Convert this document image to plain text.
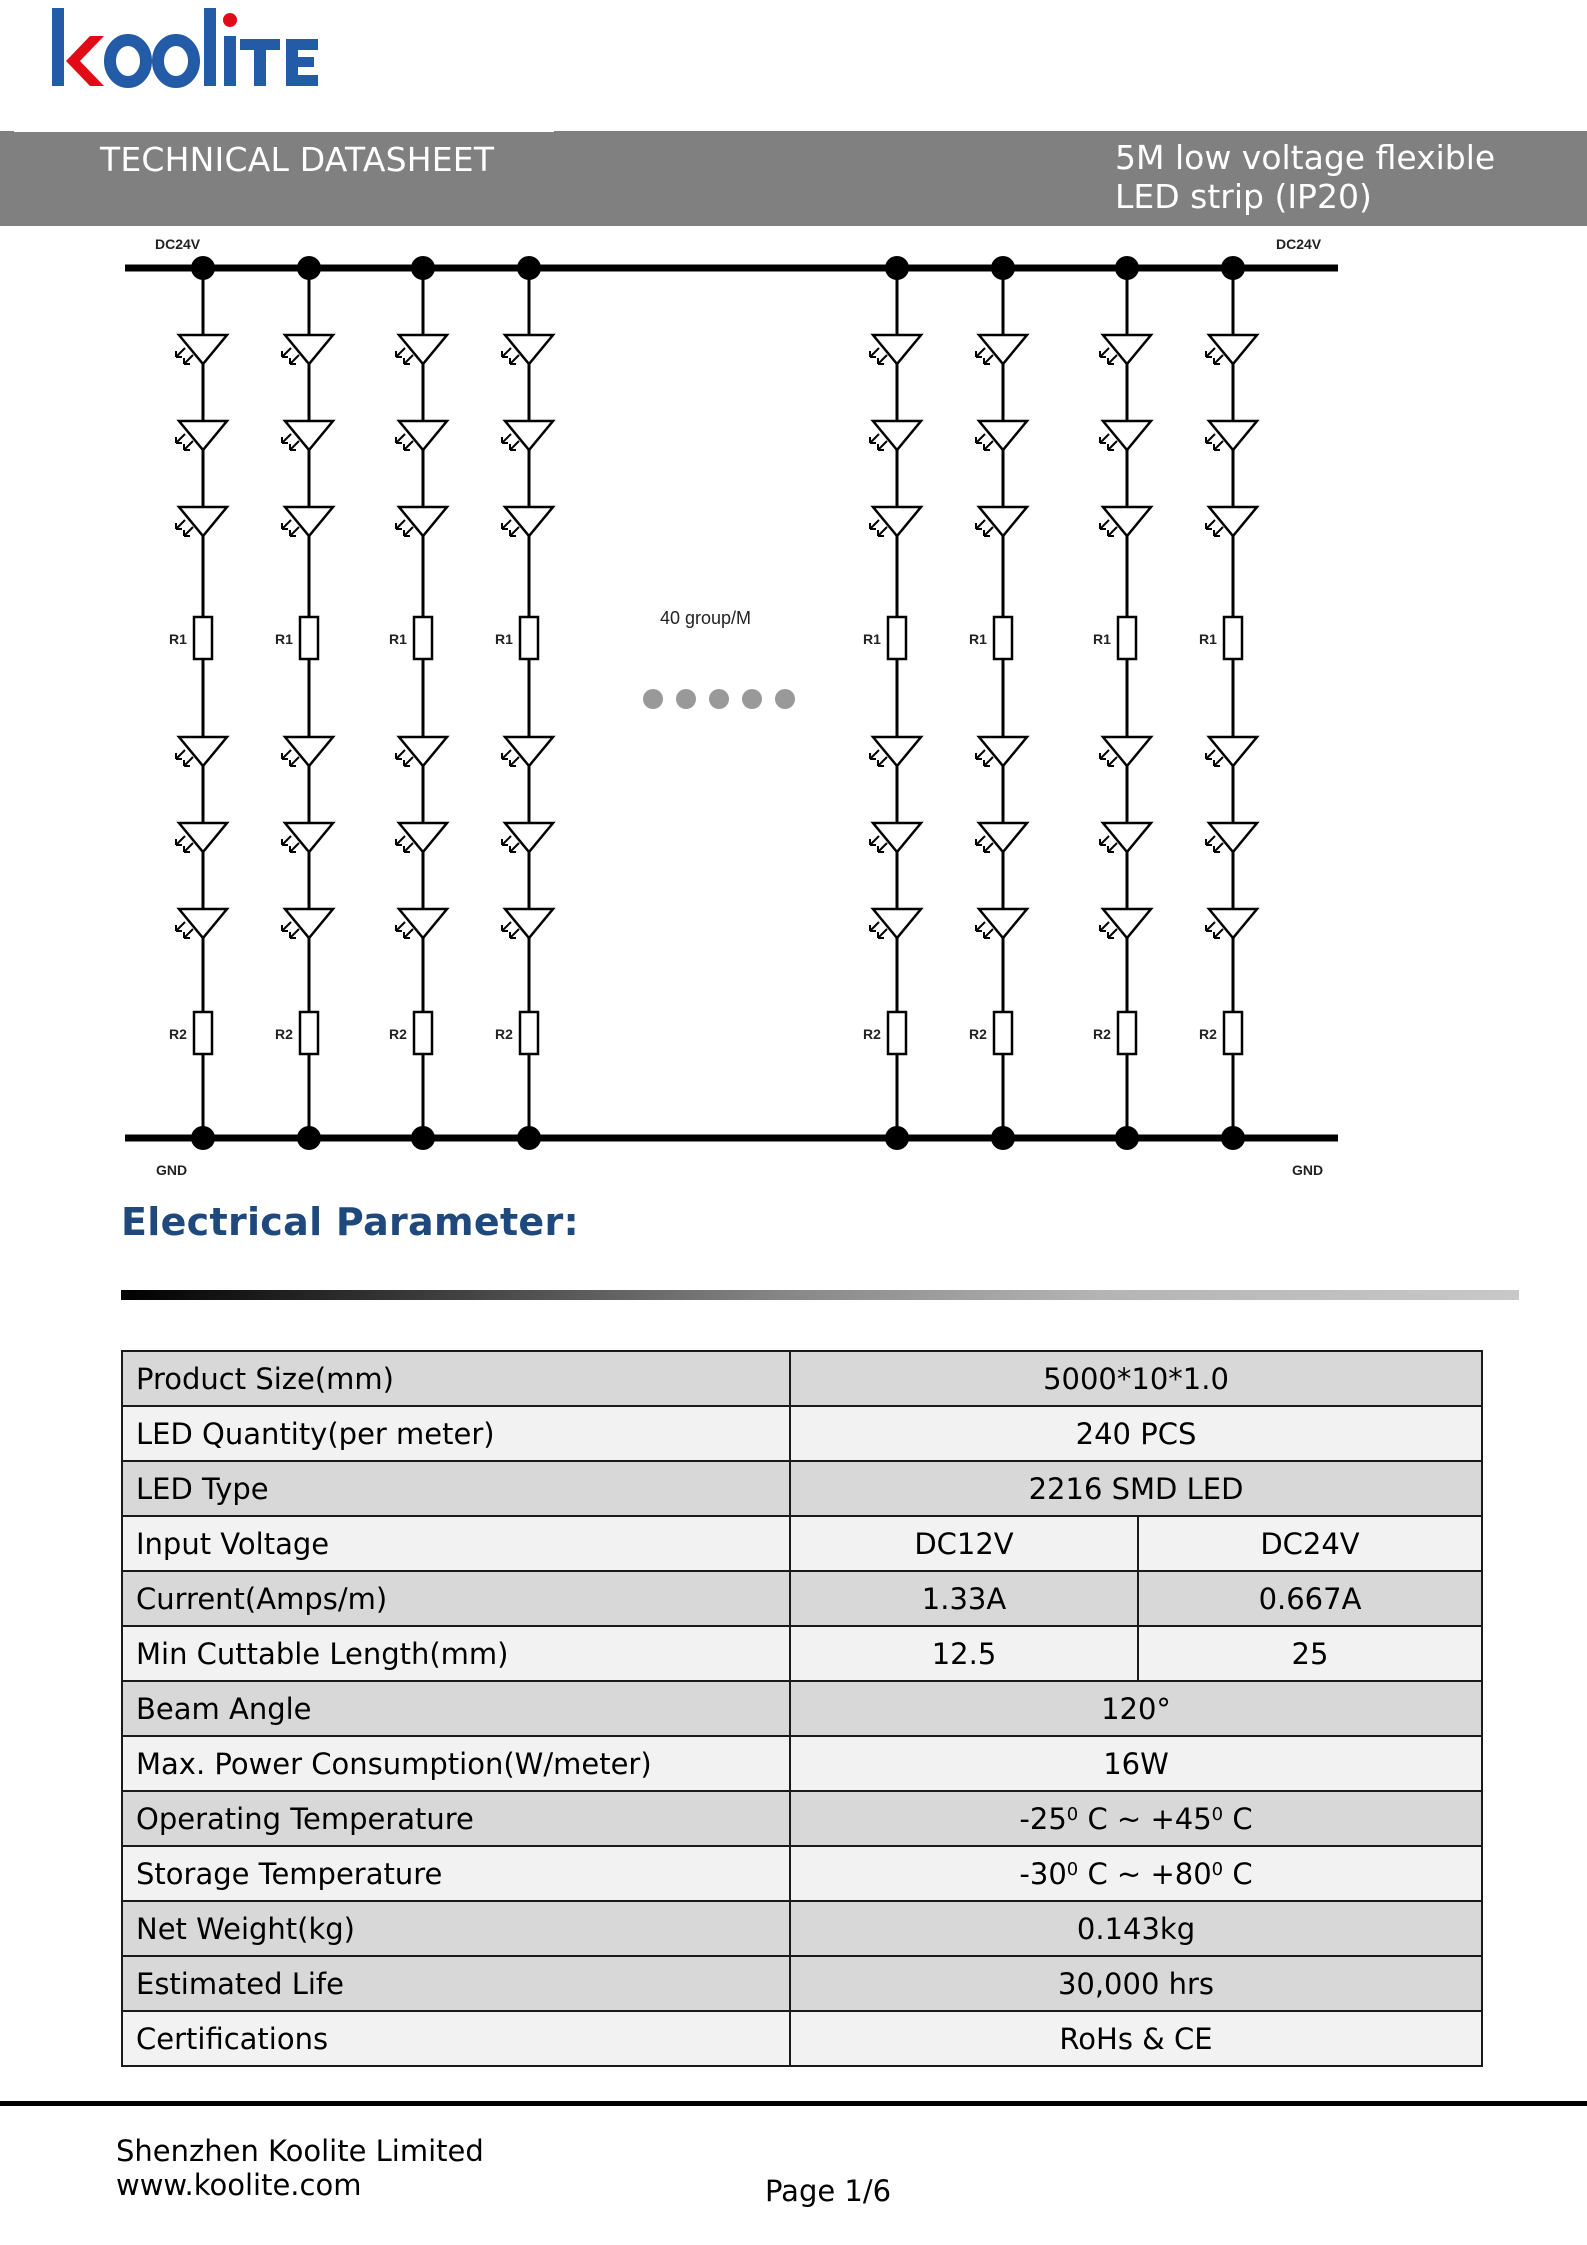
TECHNICAL DATASHEET	5M low voltage flexible
LED strip (IP20)
DC24V	DC24V
GND	GND
40 group/M
R1
R2
R1
R2
R1
R2
R1
R2
R1
R2
R1
R2
R1
R2
R1
R2
Electrical Parameter:
Product Size(mm)	5000*10*1.0	
LED Quantity(per meter)	240 PCS	
LED Type	2216 SMD LED	
Input Voltage	DC12V	DC24V
Current(Amps/m)	1.33A	0.667A
Min Cuttable Length(mm)	12.5	25
Beam Angle	120°	
Max. Power Consumption(W/meter)	16W	
Operating Temperature	$-25^0$ C ~ $+45^0$ C	
Storage Temperature	$-30^0$ C ~ $+80^0$ C	
Net Weight(kg)	0.143kg	
Estimated Life	30,000 hrs	
Certifications	RoHs & CE	
Shenzhen Koolite Limited
www.koolite.com	Page 1/6
